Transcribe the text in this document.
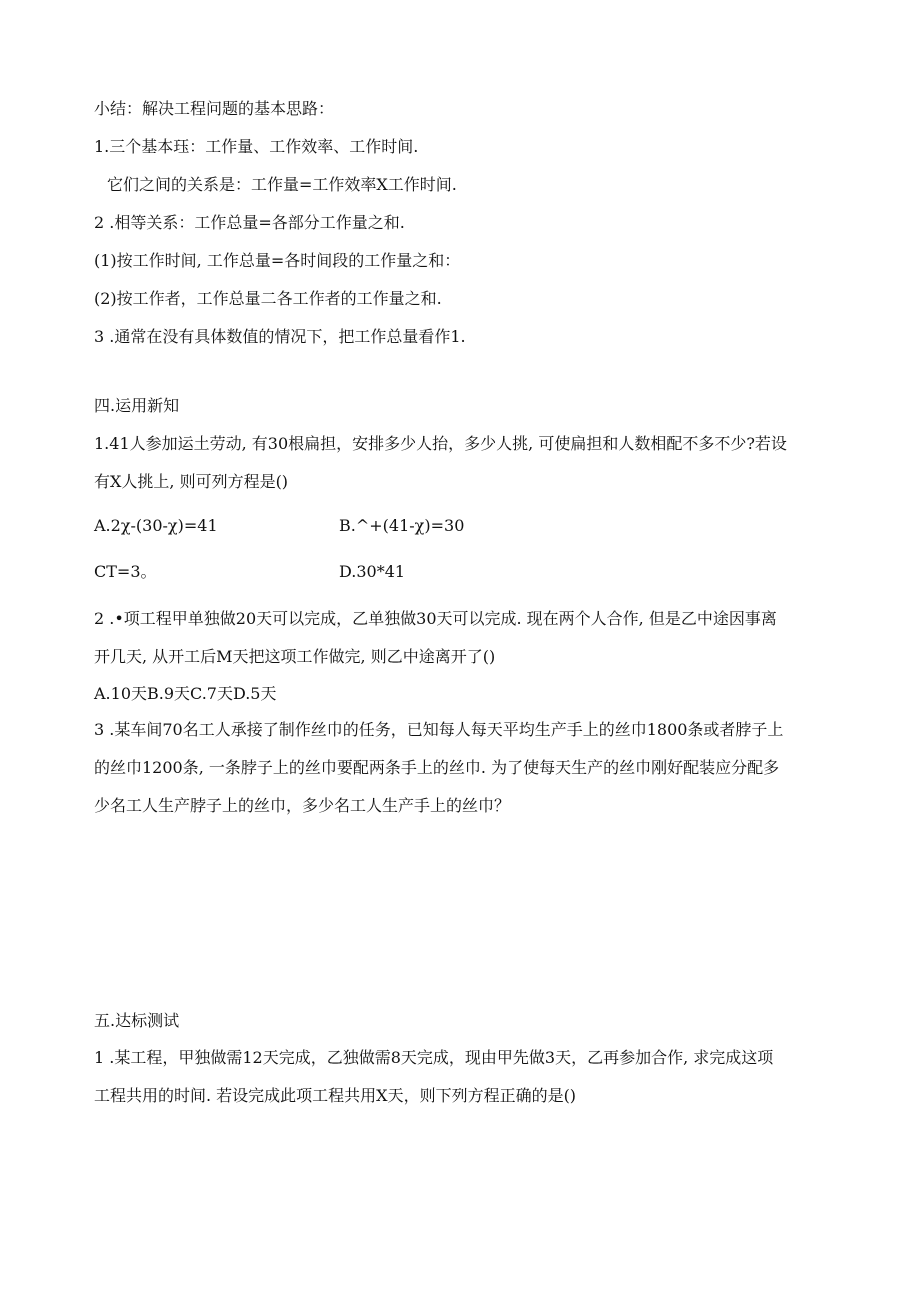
小结：解决工程问题的基本思路：
1.三个基本珏：工作量、工作效率、工作时间.
它们之间的关系是：工作量=工作效率X工作时间.
2 .相等关系：工作总量=各部分工作量之和.
(1)按工作时间, 工作总量=各时间段的工作量之和：
(2)按工作者，工作总量二各工作者的工作量之和.
3 .通常在没有具体数值的情况下，把工作总量看作1.
四.运用新知
1.41人参加运土劳动, 有30根扁担，安排多少人抬，多少人挑, 可使扁担和人数相配不多不少?若设
有X人挑上, 则可列方程是()
A.2χ-(30-χ)=41	B.^+(41-χ)=30
CT=3。	D.30*41
2 .•项工程甲单独做20天可以完成，乙单独做30天可以完成. 现在两个人合作, 但是乙中途因事离
开几天, 从开工后M天把这项工作做完, 则乙中途离开了()
A.10天B.9天C.7天D.5天
3 .某车间70名工人承接了制作丝巾的任务，已知每人每天平均生产手上的丝巾1800条或者脖子上
的丝巾1200条, 一条脖子上的丝巾要配两条手上的丝巾. 为了使每天生产的丝巾刚好配装应分配多
少名工人生产脖子上的丝巾，多少名工人生产手上的丝巾？
五.达标测试
1 .某工程，甲独做需12天完成，乙独做需8天完成，现由甲先做3天，乙再参加合作, 求完成这项
工程共用的时间. 若设完成此项工程共用X天，则下列方程正确的是()
